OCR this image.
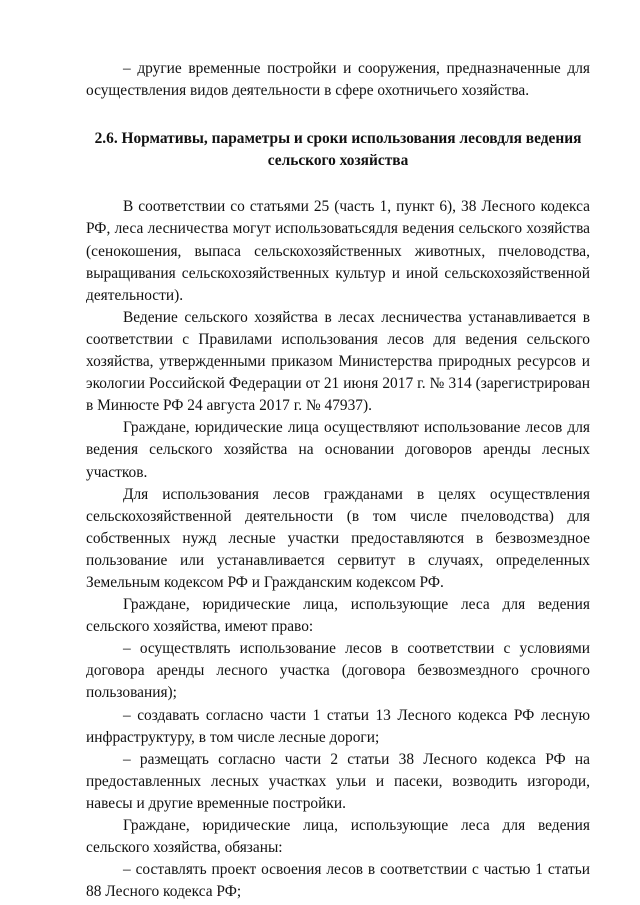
– другие временные постройки и сооружения, предназначенные для осуществления видов деятельности в сфере охотничьего хозяйства.

2.6. Нормативы, параметры и сроки использования лесовдля ведения сельского хозяйства

В соответствии со статьями 25 (часть 1, пункт 6), 38 Лесного кодекса РФ, леса лесничества могут использоватьсядля ведения сельского хозяйства (сенокошения, выпаса сельскохозяйственных животных, пчеловодства, выращивания сельскохозяйственных культур и иной сельскохозяйственной деятельности).

Ведение сельского хозяйства в лесах лесничества устанавливается в соответствии с Правилами использования лесов для ведения сельского хозяйства, утвержденными приказом Министерства природных ресурсов и экологии Российской Федерации от 21 июня 2017 г. № 314 (зарегистрирован в Минюсте РФ 24 августа 2017 г. № 47937).

Граждане, юридические лица осуществляют использование лесов для ведения сельского хозяйства на основании договоров аренды лесных участков.

Для использования лесов гражданами в целях осуществления сельскохозяйственной деятельности (в том числе пчеловодства) для собственных нужд лесные участки предоставляются в безвозмездное пользование или устанавливается сервитут в случаях, определенных Земельным кодексом РФ и Гражданским кодексом РФ.

Граждане, юридические лица, использующие леса для ведения сельского хозяйства, имеют право:

– осуществлять использование лесов в соответствии с условиями договора аренды лесного участка (договора безвозмездного срочного пользования);

– создавать согласно части 1 статьи 13 Лесного кодекса РФ лесную инфраструктуру, в том числе лесные дороги;

– размещать согласно части 2 статьи 38 Лесного кодекса РФ на предоставленных лесных участках ульи и пасеки, возводить изгороди, навесы и другие временные постройки.

Граждане, юридические лица, использующие леса для ведения сельского хозяйства, обязаны:

– составлять проект освоения лесов в соответствии с частью 1 статьи 88 Лесного кодекса РФ;
